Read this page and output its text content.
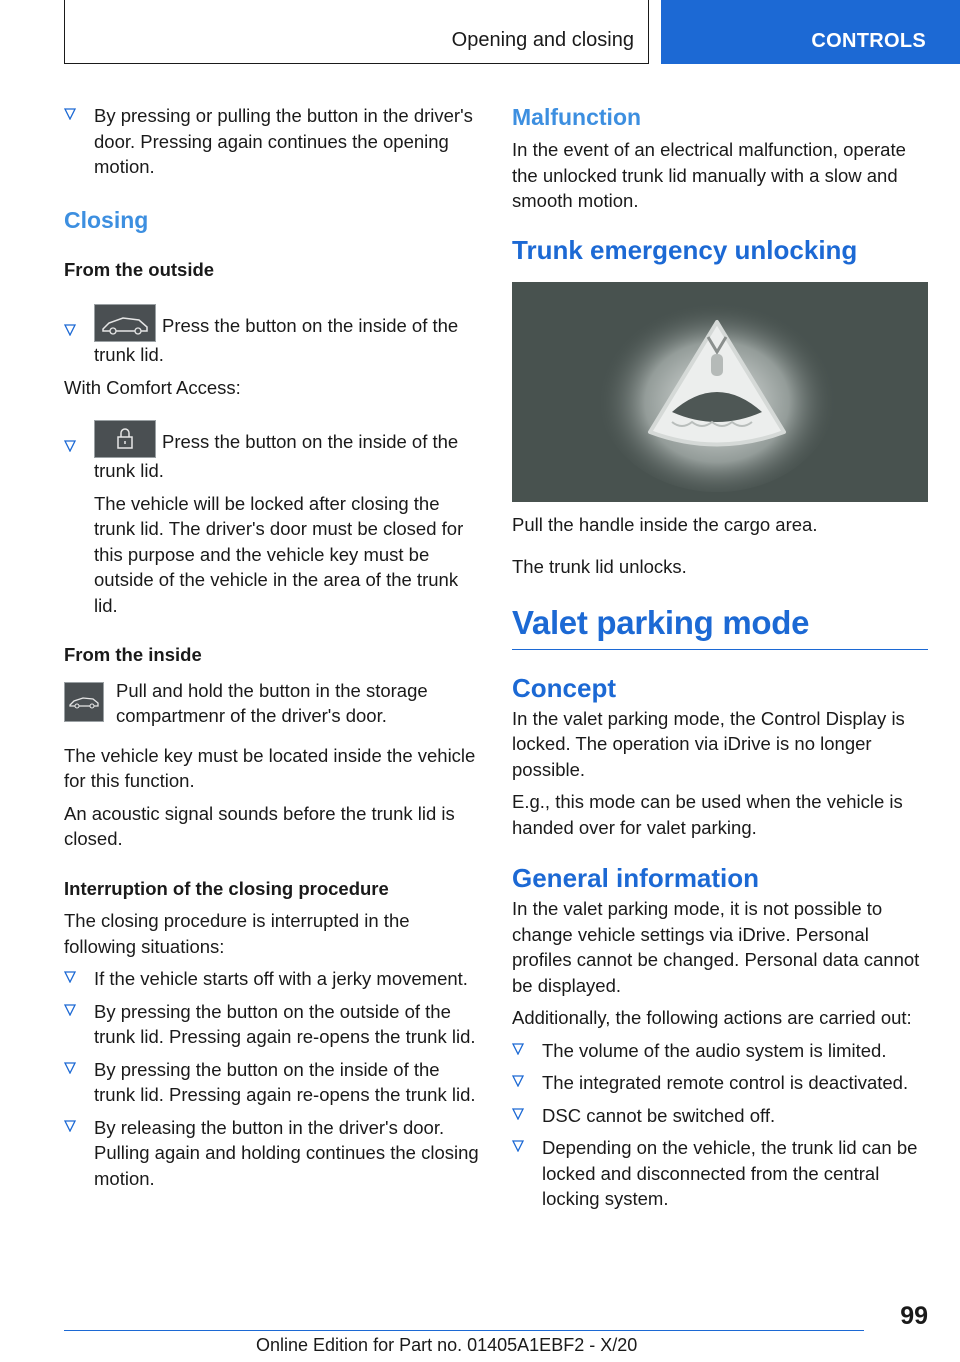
Opening and closing	CONTROLS

By pressing or pulling the button in the driver's door. Pressing again continues the opening motion.

Closing

From the outside

Press the button on the inside of the trunk lid.

With Comfort Access:

Press the button on the inside of the trunk lid.

The vehicle will be locked after closing the trunk lid. The driver's door must be closed for this purpose and the vehicle key must be outside of the vehicle in the area of the trunk lid.

From the inside

Pull and hold the button in the storage compartmenr of the driver's door.

The vehicle key must be located inside the vehicle for this function.

An acoustic signal sounds before the trunk lid is closed.

Interruption of the closing procedure

The closing procedure is interrupted in the following situations:

If the vehicle starts off with a jerky movement.

By pressing the button on the outside of the trunk lid. Pressing again re-opens the trunk lid.

By pressing the button on the inside of the trunk lid. Pressing again re-opens the trunk lid.

By releasing the button in the driver's door. Pulling again and holding continues the closing motion.

Malfunction

In the event of an electrical malfunction, operate the unlocked trunk lid manually with a slow and smooth motion.

Trunk emergency unlocking

Pull the handle inside the cargo area.

The trunk lid unlocks.

Valet parking mode

Concept

In the valet parking mode, the Control Display is locked. The operation via iDrive is no longer possible.

E.g., this mode can be used when the vehicle is handed over for valet parking.

General information

In the valet parking mode, it is not possible to change vehicle settings via iDrive. Personal profiles cannot be changed. Personal data cannot be displayed.

Additionally, the following actions are carried out:

The volume of the audio system is limited.

The integrated remote control is deactivated.

DSC cannot be switched off.

Depending on the vehicle, the trunk lid can be locked and disconnected from the central locking system.

99
Online Edition for Part no. 01405A1EBF2 - X/20
